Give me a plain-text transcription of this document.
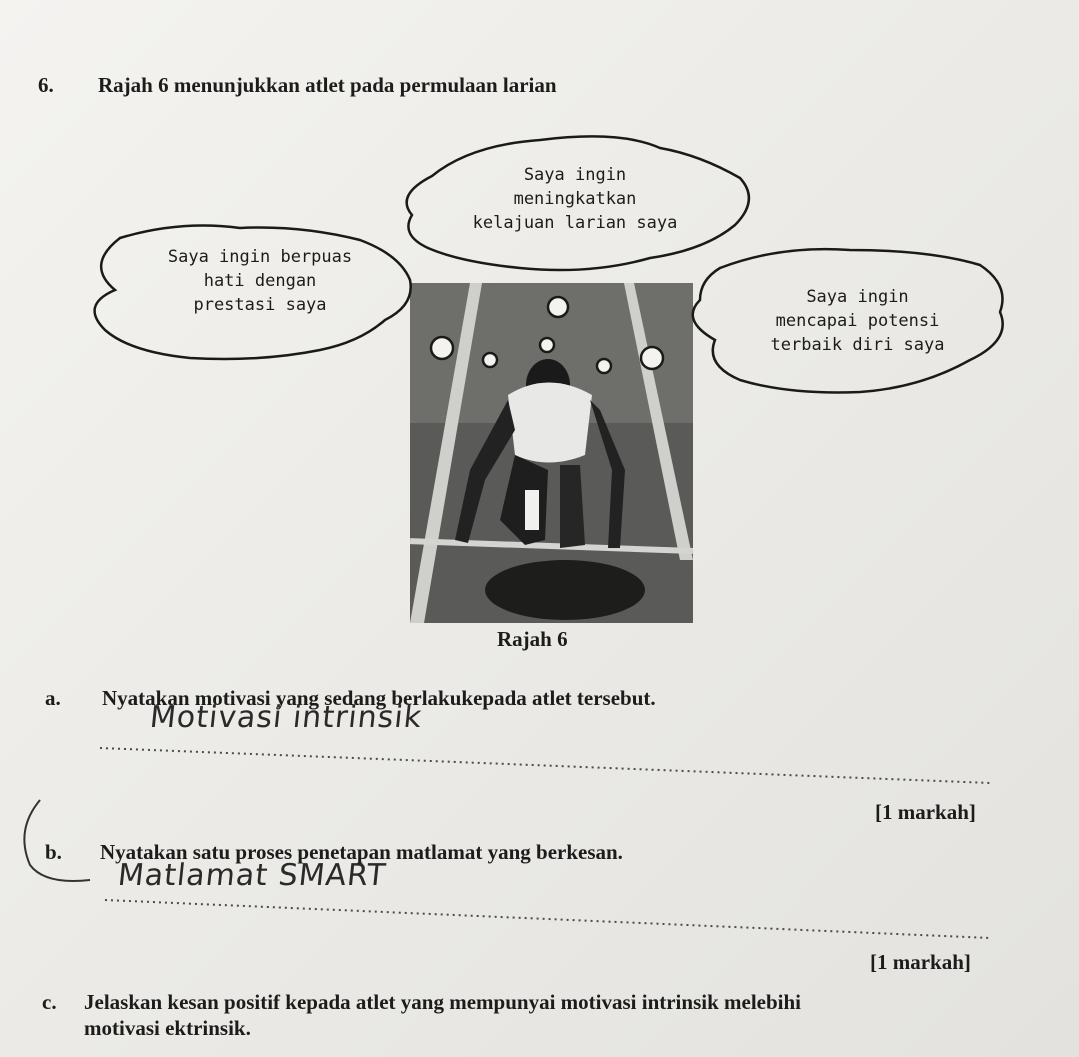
6. Rajah 6 menunjukkan atlet pada permulaan larian
Saya ingin
meningkatkan
kelajuan larian saya
Saya ingin berpuas
hati dengan
prestasi saya	Saya ingin
mencapai potensi
terbaik diri saya
Rajah 6
a. Nyatakan motivasi yang sedang berlakukepada atlet tersebut.
Motivasi intrinsik
[1 markah]
b. Nyatakan satu proses penetapan matlamat yang berkesan.
Matlamat SMART
[1 markah]
c. Jelaskan kesan positif kepada atlet yang mempunyai motivasi intrinsik melebihi
motivasi ektrinsik.
